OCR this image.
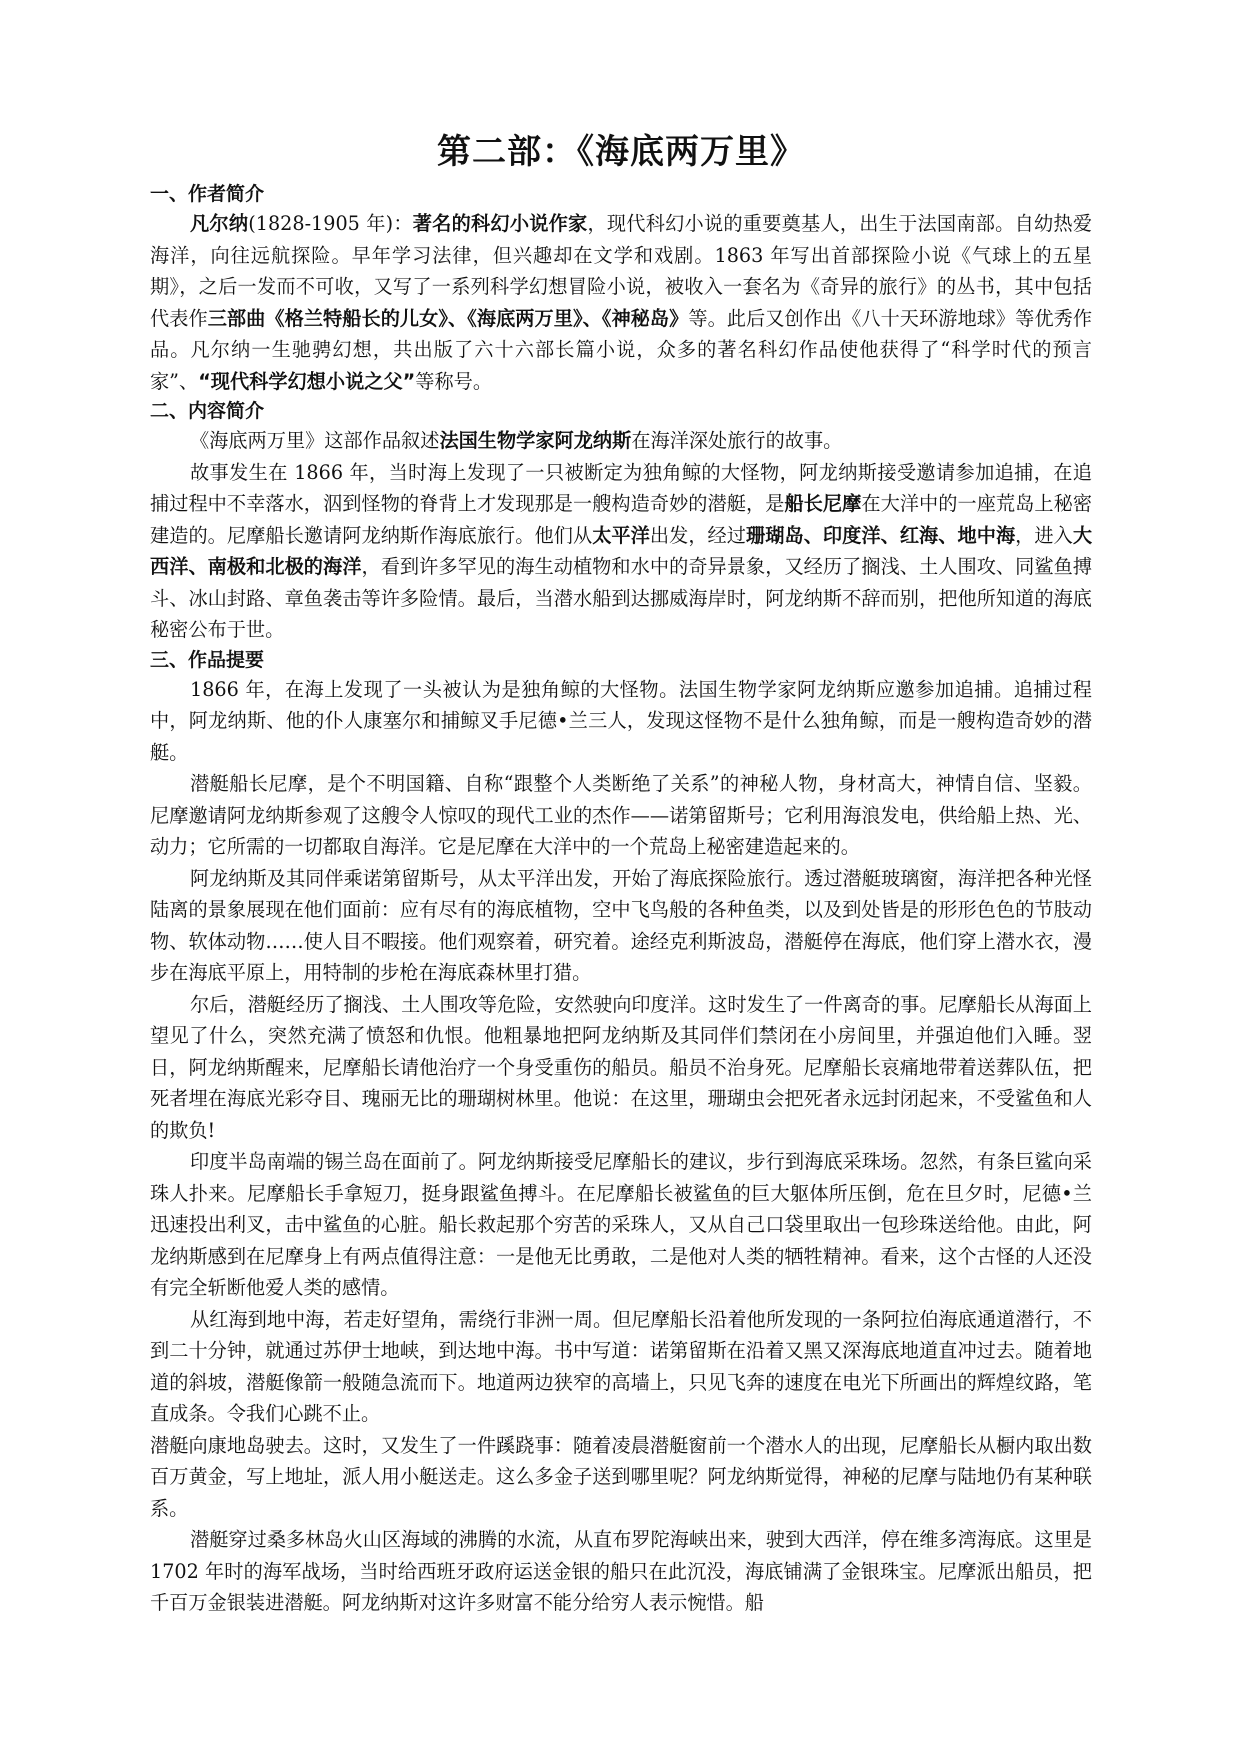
第二部：《海底两万里》
一、作者简介

凡尔纳(1828-1905 年)：著名的科幻小说作家，现代科幻小说的重要奠基人，出生于法国南部。自幼热爱海洋，向往远航探险。早年学习法律，但兴趣却在文学和戏剧。1863 年写出首部探险小说《气球上的五星期》，之后一发而不可收，又写了一系列科学幻想冒险小说，被收入一套名为《奇异的旅行》的丛书，其中包括代表作三部曲《格兰特船长的儿女》、《海底两万里》、《神秘岛》等。此后又创作出《八十天环游地球》等优秀作品。凡尔纳一生驰骋幻想，共出版了六十六部长篇小说，众多的著名科幻作品使他获得了“科学时代的预言家”、“现代科学幻想小说之父”等称号。

二、内容简介

《海底两万里》这部作品叙述法国生物学家阿龙纳斯在海洋深处旅行的故事。

故事发生在 1866 年，当时海上发现了一只被断定为独角鲸的大怪物，阿龙纳斯接受邀请参加追捕，在追捕过程中不幸落水，泅到怪物的脊背上才发现那是一艘构造奇妙的潜艇，是船长尼摩在大洋中的一座荒岛上秘密建造的。尼摩船长邀请阿龙纳斯作海底旅行。他们从太平洋出发，经过珊瑚岛、印度洋、红海、地中海，进入大西洋、南极和北极的海洋，看到许多罕见的海生动植物和水中的奇异景象，又经历了搁浅、土人围攻、同鲨鱼搏斗、冰山封路、章鱼袭击等许多险情。最后，当潜水船到达挪威海岸时，阿龙纳斯不辞而别，把他所知道的海底秘密公布于世。

三、作品提要

1866 年，在海上发现了一头被认为是独角鲸的大怪物。法国生物学家阿龙纳斯应邀参加追捕。追捕过程中，阿龙纳斯、他的仆人康塞尔和捕鲸叉手尼德•兰三人，发现这怪物不是什么独角鲸，而是一艘构造奇妙的潜艇。

潜艇船长尼摩，是个不明国籍、自称“跟整个人类断绝了关系”的神秘人物，身材高大，神情自信、坚毅。尼摩邀请阿龙纳斯参观了这艘令人惊叹的现代工业的杰作——诺第留斯号；它利用海浪发电，供给船上热、光、动力；它所需的一切都取自海洋。它是尼摩在大洋中的一个荒岛上秘密建造起来的。

阿龙纳斯及其同伴乘诺第留斯号，从太平洋出发，开始了海底探险旅行。透过潜艇玻璃窗，海洋把各种光怪陆离的景象展现在他们面前：应有尽有的海底植物，空中飞鸟般的各种鱼类，以及到处皆是的形形色色的节肢动物、软体动物……使人目不暇接。他们观察着，研究着。途经克利斯波岛，潜艇停在海底，他们穿上潜水衣，漫步在海底平原上，用特制的步枪在海底森林里打猎。

尔后，潜艇经历了搁浅、土人围攻等危险，安然驶向印度洋。这时发生了一件离奇的事。尼摩船长从海面上望见了什么，突然充满了愤怒和仇恨。他粗暴地把阿龙纳斯及其同伴们禁闭在小房间里，并强迫他们入睡。翌日，阿龙纳斯醒来，尼摩船长请他治疗一个身受重伤的船员。船员不治身死。尼摩船长哀痛地带着送葬队伍，把死者埋在海底光彩夺目、瑰丽无比的珊瑚树林里。他说：在这里，珊瑚虫会把死者永远封闭起来，不受鲨鱼和人的欺负!

印度半岛南端的锡兰岛在面前了。阿龙纳斯接受尼摩船长的建议，步行到海底采珠场。忽然，有条巨鲨向采珠人扑来。尼摩船长手拿短刀，挺身跟鲨鱼搏斗。在尼摩船长被鲨鱼的巨大躯体所压倒，危在旦夕时，尼德•兰迅速投出利叉，击中鲨鱼的心脏。船长救起那个穷苦的采珠人，又从自己口袋里取出一包珍珠送给他。由此，阿龙纳斯感到在尼摩身上有两点值得注意：一是他无比勇敢，二是他对人类的牺牲精神。看来，这个古怪的人还没有完全斩断他爱人类的感情。

从红海到地中海，若走好望角，需绕行非洲一周。但尼摩船长沿着他所发现的一条阿拉伯海底通道潜行，不到二十分钟，就通过苏伊士地峡，到达地中海。书中写道：诺第留斯在沿着又黑又深海底地道直冲过去。随着地道的斜坡，潜艇像箭一般随急流而下。地道两边狭窄的高墙上，只见飞奔的速度在电光下所画出的辉煌纹路，笔直成条。令我们心跳不止。

潜艇向康地岛驶去。这时，又发生了一件蹊跷事：随着凌晨潜艇窗前一个潜水人的出现，尼摩船长从橱内取出数百万黄金，写上地址，派人用小艇送走。这么多金子送到哪里呢？阿龙纳斯觉得，神秘的尼摩与陆地仍有某种联系。

潜艇穿过桑多林岛火山区海域的沸腾的水流，从直布罗陀海峡出来，驶到大西洋，停在维多湾海底。这里是 1702 年时的海军战场，当时给西班牙政府运送金银的船只在此沉没，海底铺满了金银珠宝。尼摩派出船员，把千百万金银装进潜艇。阿龙纳斯对这许多财富不能分给穷人表示惋惜。船
